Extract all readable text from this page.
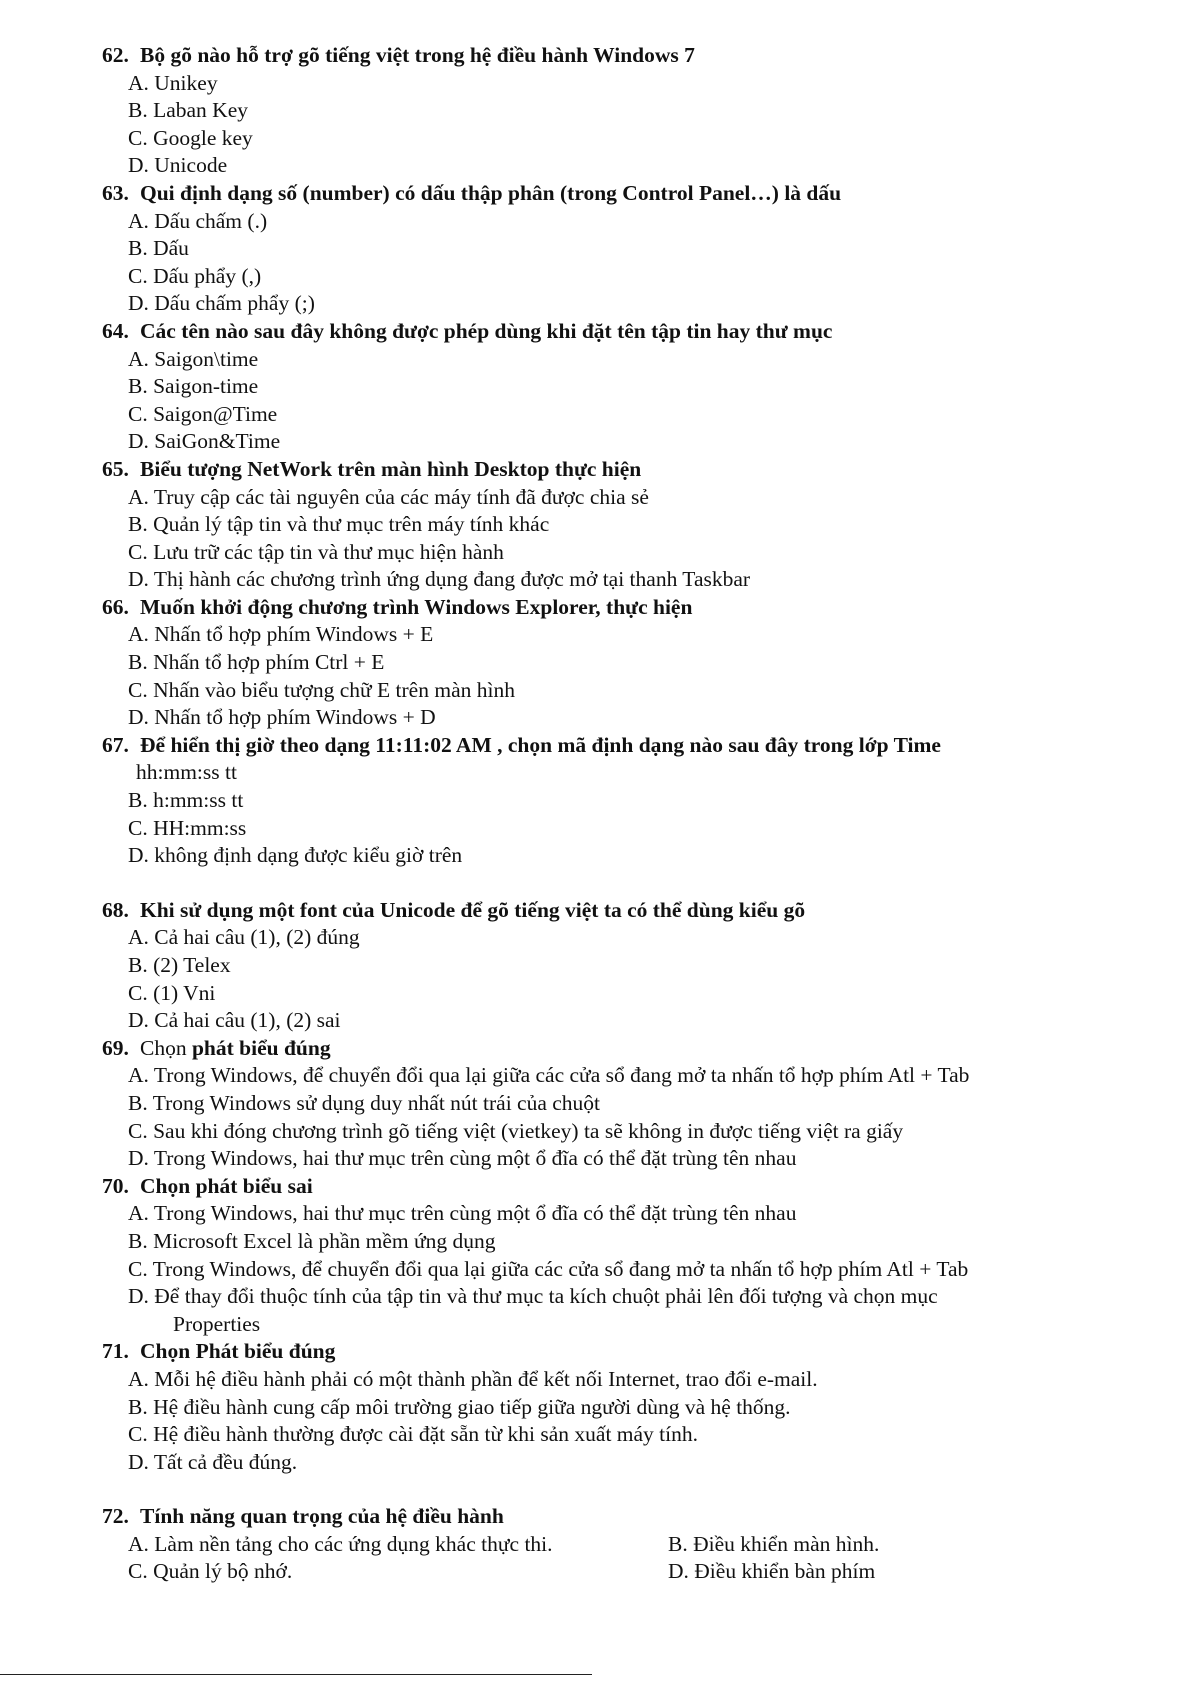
62. Bộ gõ nào hỗ trợ gõ tiếng việt trong hệ điều hành Windows 7
A. Unikey
B. Laban Key
C. Google key
D. Unicode
63. Qui định dạng số (number) có dấu thập phân (trong Control Panel…) là dấu
A. Dấu chấm (.)
B. Dấu
C. Dấu phẩy (,)
D. Dấu chấm phẩy (;)
64. Các tên nào sau đây không được phép dùng khi đặt tên tập tin hay thư mục
A. Saigon\time
B. Saigon-time
C. Saigon@Time
D. SaiGon&Time
65. Biểu tượng NetWork trên màn hình Desktop thực hiện
A. Truy cập các tài nguyên của các máy tính đã được chia sẻ
B. Quản lý tập tin và thư mục trên máy tính khác
C. Lưu trữ các tập tin và thư mục hiện hành
D. Thị hành các chương trình ứng dụng đang được mở tại thanh Taskbar
66. Muốn khởi động chương trình Windows Explorer, thực hiện
A. Nhấn tổ hợp phím Windows + E
B. Nhấn tổ hợp phím Ctrl + E
C. Nhấn vào biểu tượng chữ E trên màn hình
D. Nhấn tổ hợp phím Windows + D
67. Để hiển thị giờ theo dạng 11:11:02 AM , chọn mã định dạng nào sau đây trong lớp Time
hh:mm:ss tt
B. h:mm:ss tt
C. HH:mm:ss
D. không định dạng được kiểu giờ trên
68. Khi sử dụng một font của Unicode để gõ tiếng việt ta có thể dùng kiểu gõ
A. Cả hai câu (1), (2) đúng
B. (2) Telex
C. (1) Vni
D. Cả hai câu (1), (2) sai
69. Chọn phát biểu đúng
A. Trong Windows, để chuyển đổi qua lại giữa các cửa sổ đang mở ta nhấn tổ hợp phím Atl + Tab
B. Trong Windows sử dụng duy nhất nút trái của chuột
C. Sau khi đóng chương trình gõ tiếng việt (vietkey) ta sẽ không in được tiếng việt ra giấy
D. Trong Windows, hai thư mục trên cùng một ổ đĩa có thể đặt trùng tên nhau
70. Chọn phát biểu sai
A. Trong Windows, hai thư mục trên cùng một ổ đĩa có thể đặt trùng tên nhau
B. Microsoft Excel là phần mềm ứng dụng
C. Trong Windows, để chuyển đổi qua lại giữa các cửa sổ đang mở ta nhấn tổ hợp phím Atl + Tab
D. Để thay đổi thuộc tính của tập tin và thư mục ta kích chuột phải lên đối tượng và chọn mục
Properties
71. Chọn Phát biểu đúng
A. Mỗi hệ điều hành phải có một thành phần để kết nối Internet, trao đổi e-mail.
B. Hệ điều hành cung cấp môi trường giao tiếp giữa người dùng và hệ thống.
C. Hệ điều hành thường được cài đặt sẵn từ khi sản xuất máy tính.
D. Tất cả đều đúng.
72. Tính năng quan trọng của hệ điều hành
A. Làm nền tảng cho các ứng dụng khác thực thi.	B. Điều khiển màn hình.
C. Quản lý bộ nhớ.	D. Điều khiển bàn phím
